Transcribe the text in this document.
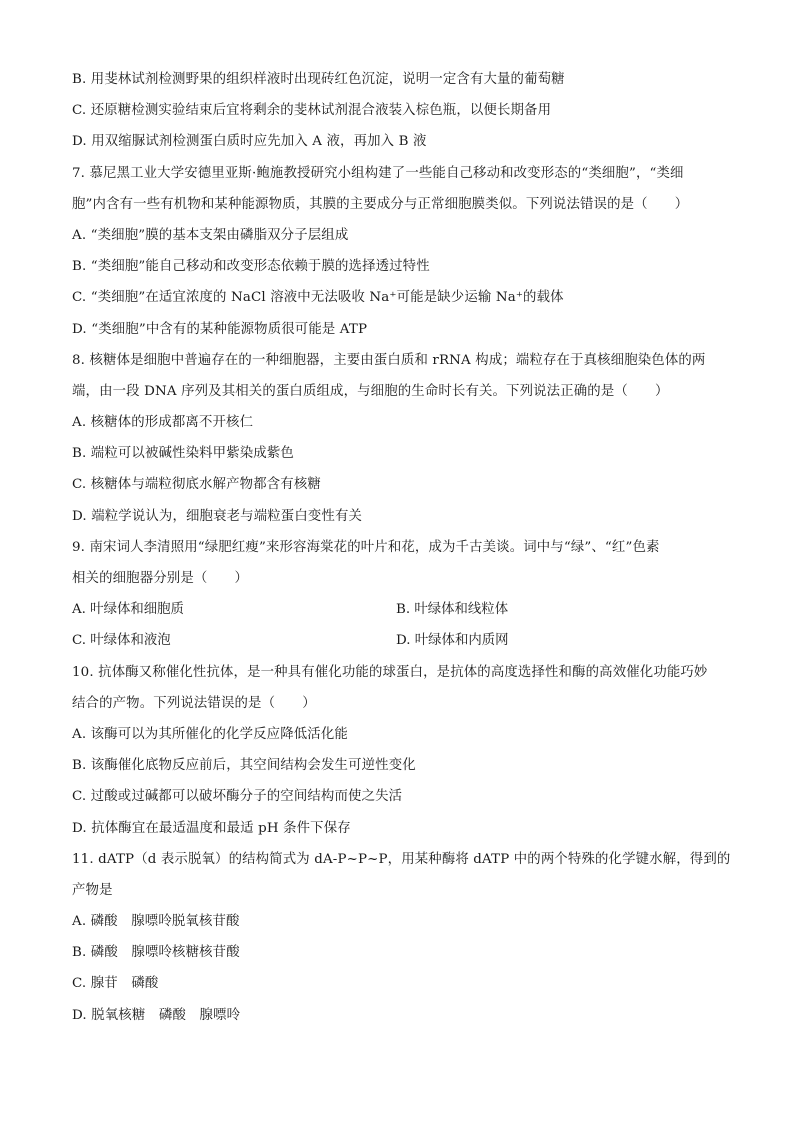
B. 用斐林试剂检测野果的组织样液时出现砖红色沉淀，说明一定含有大量的葡萄糖
C. 还原糖检测实验结束后宜将剩余的斐林试剂混合液装入棕色瓶，以便长期备用
D. 用双缩脲试剂检测蛋白质时应先加入 A 液，再加入 B 液
7. 慕尼黑工业大学安德里亚斯·鲍施教授研究小组构建了一些能自己移动和改变形态的“类细胞”，“类细
胞”内含有一些有机物和某种能源物质，其膜的主要成分与正常细胞膜类似。下列说法错误的是（　　）
A. “类细胞”膜的基本支架由磷脂双分子层组成
B. “类细胞”能自己移动和改变形态依赖于膜的选择透过特性
C. “类细胞”在适宜浓度的 NaCl 溶液中无法吸收 Na⁺可能是缺少运输 Na⁺的载体
D. “类细胞”中含有的某种能源物质很可能是 ATP
8. 核糖体是细胞中普遍存在的一种细胞器，主要由蛋白质和 rRNA 构成；端粒存在于真核细胞染色体的两
端，由一段 DNA 序列及其相关的蛋白质组成，与细胞的生命时长有关。下列说法正确的是（　　）
A. 核糖体的形成都离不开核仁
B. 端粒可以被碱性染料甲紫染成紫色
C. 核糖体与端粒彻底水解产物都含有核糖
D. 端粒学说认为，细胞衰老与端粒蛋白变性有关
9. 南宋词人李清照用“绿肥红瘦”来形容海棠花的叶片和花，成为千古美谈。词中与“绿”、“红”色素
相关的细胞器分别是（　　）
A. 叶绿体和细胞质	B. 叶绿体和线粒体
C. 叶绿体和液泡	D. 叶绿体和内质网
10. 抗体酶又称催化性抗体，是一种具有催化功能的球蛋白，是抗体的高度选择性和酶的高效催化功能巧妙
结合的产物。下列说法错误的是（　　）
A. 该酶可以为其所催化的化学反应降低活化能
B. 该酶催化底物反应前后，其空间结构会发生可逆性变化
C. 过酸或过碱都可以破坏酶分子的空间结构而使之失活
D. 抗体酶宜在最适温度和最适 pH 条件下保存
11. dATP（d 表示脱氧）的结构简式为 dA-P~P~P，用某种酶将 dATP 中的两个特殊的化学键水解，得到的
产物是
A. 磷酸　腺嘌呤脱氧核苷酸
B. 磷酸　腺嘌呤核糖核苷酸
C. 腺苷　磷酸
D. 脱氧核糖　磷酸　腺嘌呤
